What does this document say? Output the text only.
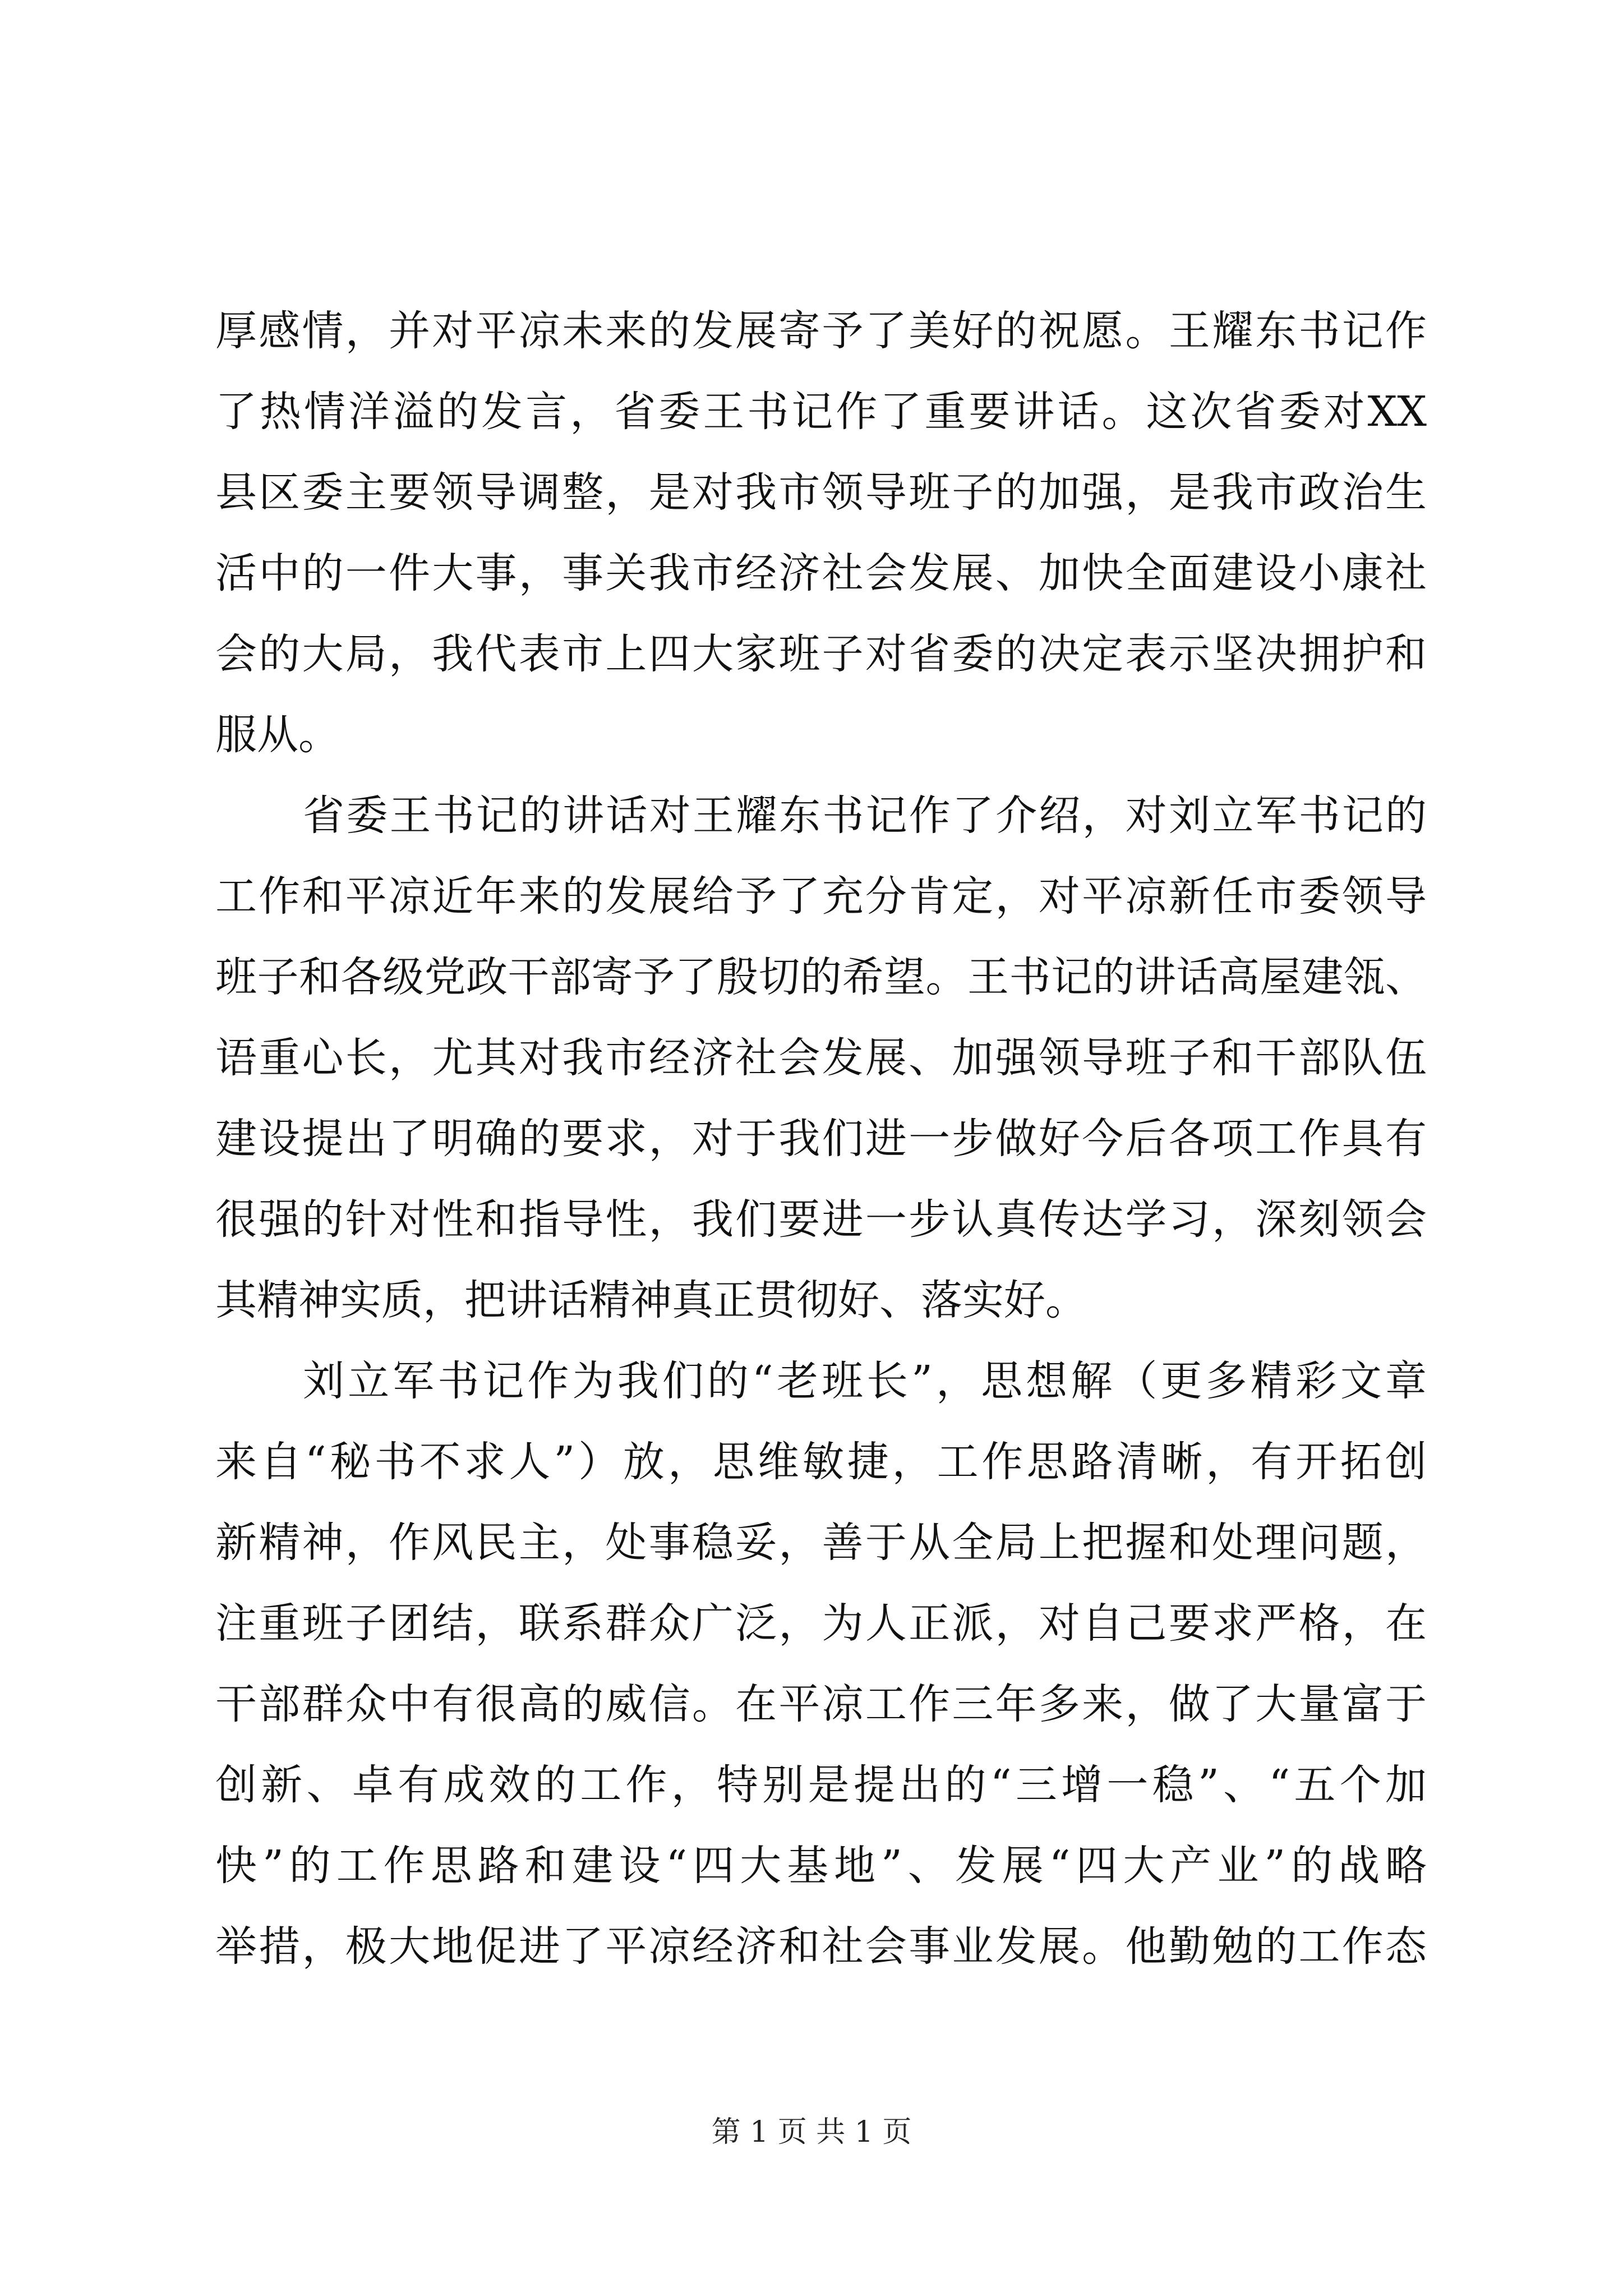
厚感情，并对平凉未来的发展寄予了美好的祝愿。王耀东书记作
了热情洋溢的发言，省委王书记作了重要讲话。这次省委对XX
县区委主要领导调整，是对我市领导班子的加强，是我市政治生
活中的一件大事，事关我市经济社会发展、加快全面建设小康社
会的大局，我代表市上四大家班子对省委的决定表示坚决拥护和
服从。
省委王书记的讲话对王耀东书记作了介绍，对刘立军书记的
工作和平凉近年来的发展给予了充分肯定，对平凉新任市委领导
班子和各级党政干部寄予了殷切的希望。王书记的讲话高屋建瓴、
语重心长，尤其对我市经济社会发展、加强领导班子和干部队伍
建设提出了明确的要求，对于我们进一步做好今后各项工作具有
很强的针对性和指导性，我们要进一步认真传达学习，深刻领会
其精神实质，把讲话精神真正贯彻好、落实好。
刘立军书记作为我们的“老班长”，思想解（更多精彩文章
来自“秘书不求人”）放，思维敏捷，工作思路清晰，有开拓创
新精神，作风民主，处事稳妥，善于从全局上把握和处理问题，
注重班子团结，联系群众广泛，为人正派，对自己要求严格，在
干部群众中有很高的威信。在平凉工作三年多来，做了大量富于
创新、卓有成效的工作，特别是提出的“三增一稳”、“五个加
快”的工作思路和建设“四大基地”、发展“四大产业”的战略
举措，极大地促进了平凉经济和社会事业发展。他勤勉的工作态
第 1 页 共 1 页
